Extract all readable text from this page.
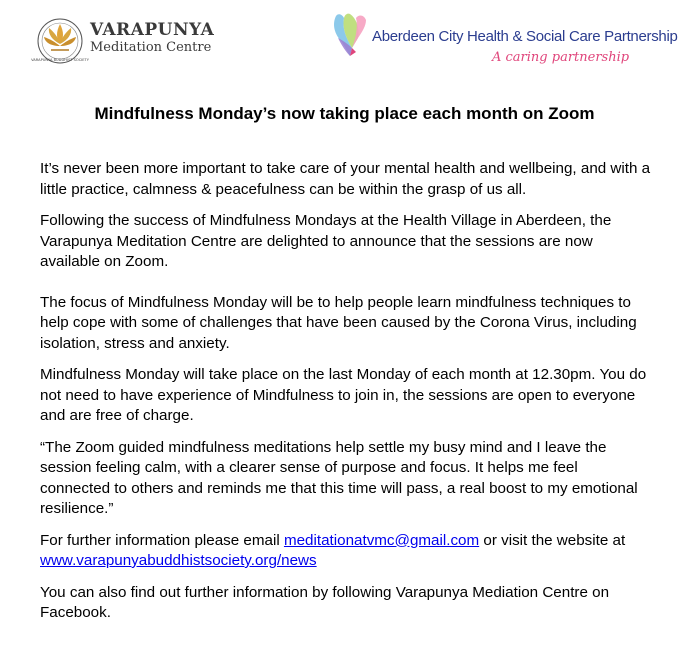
VARAPUNYA BUDDHIST SOCIETY
VARAPUNYA
Meditation Centre
Aberdeen City Health & Social Care Partnership
A caring partnership
Mindfulness Monday’s now taking place each month on Zoom

It’s never been more important to take care of your mental health and wellbeing, and with a little practice, calmness & peacefulness can be within the grasp of us all.

Following the success of Mindfulness Mondays at the Health Village in Aberdeen, the Varapunya Meditation Centre are delighted to announce that the sessions are now available on Zoom.

The focus of Mindfulness Monday will be to help people learn mindfulness techniques to help cope with some of challenges that have been caused by the Corona Virus, including isolation, stress and anxiety.

Mindfulness Monday will take place on the last Monday of each month at 12.30pm. You do not need to have experience of Mindfulness to join in, the sessions are open to everyone and are free of charge.

“The Zoom guided mindfulness meditations help settle my busy mind and I leave the session feeling calm, with a clearer sense of purpose and focus. It helps me feel connected to others and reminds me that this time will pass, a real boost to my emotional resilience.”

For further information please email meditationatvmc@gmail.com or visit the website at www.varapunyabuddhistsociety.org/news

You can also find out further information by following Varapunya Mediation Centre on Facebook.
